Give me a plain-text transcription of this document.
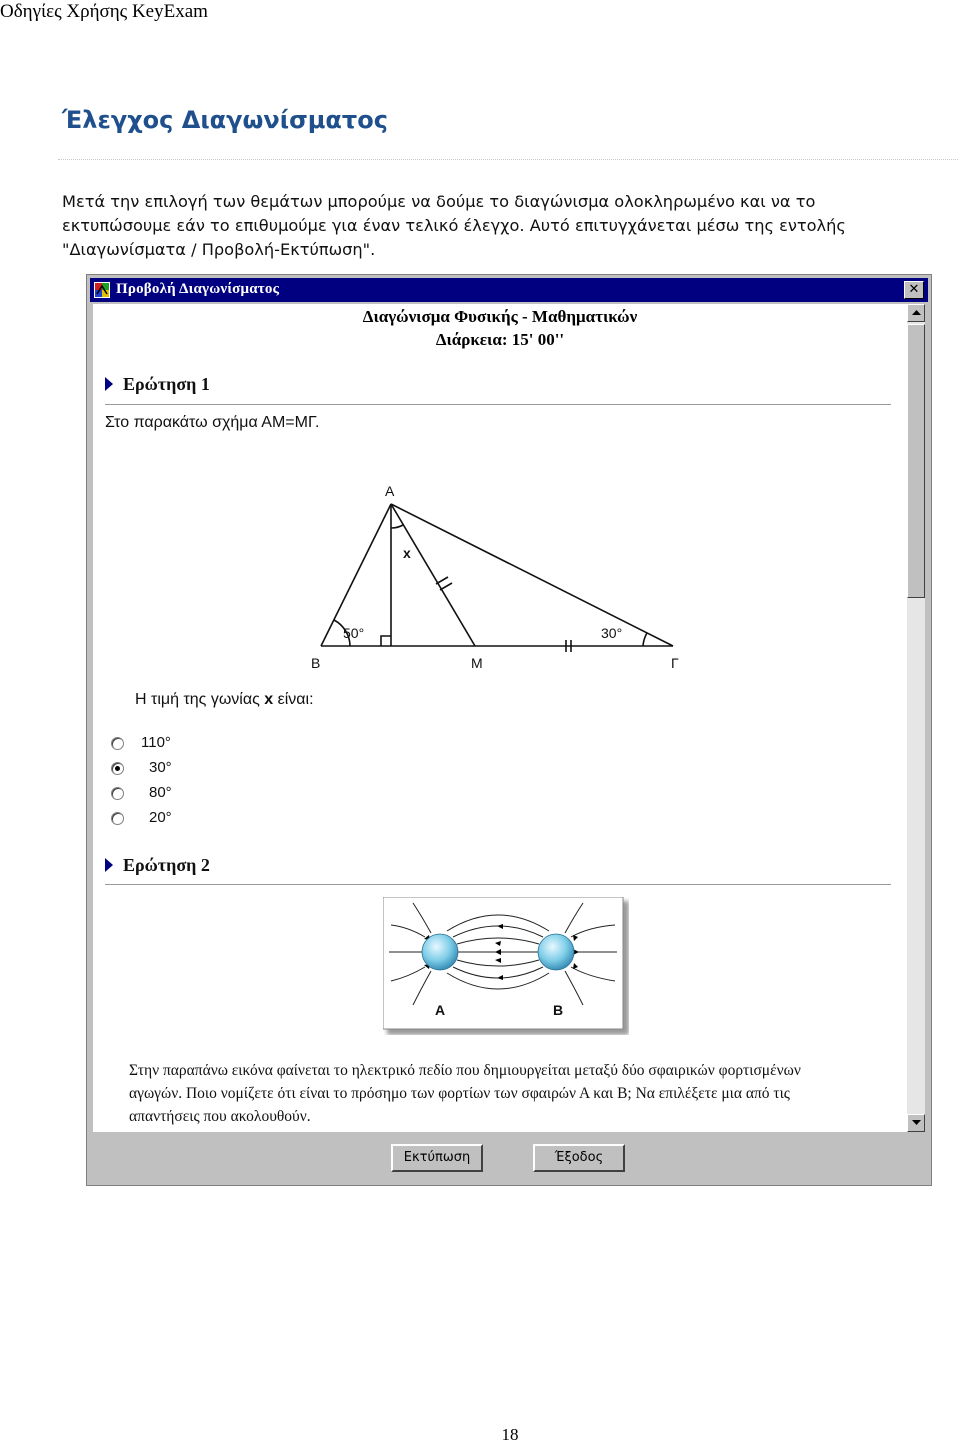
Οδηγίες Χρήσης KeyExam
Έλεγχος Διαγωνίσματος
Μετά την επιλογή των θεμάτων μπορούμε να δούμε το διαγώνισμα ολοκληρωμένο και να το
εκτυπώσουμε εάν το επιθυμούμε για έναν τελικό έλεγχο. Αυτό επιτυγχάνεται μέσω της εντολής
"Διαγωνίσματα / Προβολή-Εκτύπωση".
Προβολή Διαγωνίσματος	✕
Διαγώνισμα Φυσικής - Μαθηματικών
Διάρκεια: 15' 00''
Ερώτηση 1
Στο παρακάτω σχήμα ΑΜ=ΜΓ.
Α
Β	Μ	Γ
x
50°	30°
Η τιμή της γωνίας x είναι:
110°
30°
80°
20°
Ερώτηση 2
A	B
Στην παραπάνω εικόνα φαίνεται το ηλεκτρικό πεδίο που δημιουργείται μεταξύ δύο σφαιρικών φορτισμένων
αγωγών. Ποιο νομίζετε ότι είναι το πρόσημο των φορτίων των σφαιρών Α και Β; Να επιλέξετε μια από τις
απαντήσεις που ακολουθούν.
Εκτύπωση	Έξοδος
18
